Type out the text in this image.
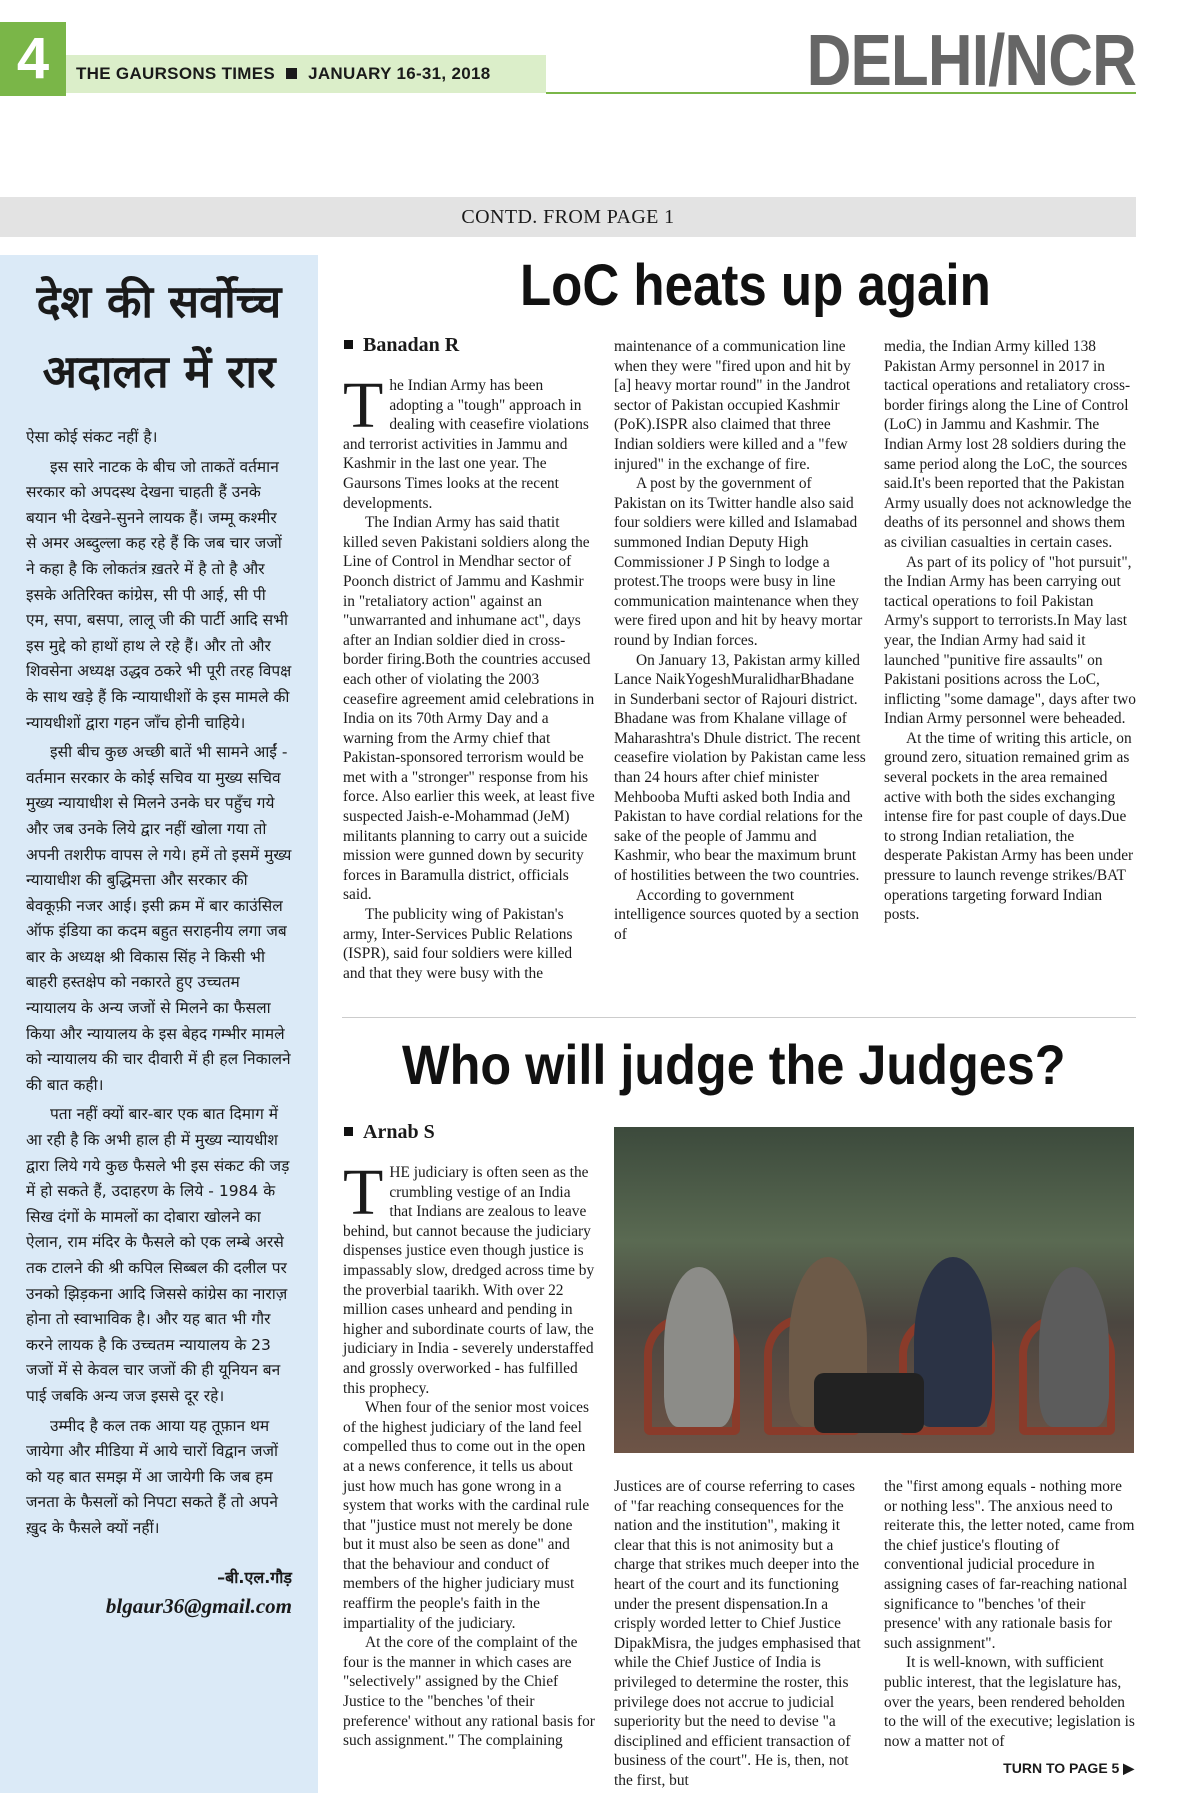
4	THE GAURSONS TIMES JANUARY 16-31, 2018	DELHI/NCR
CONTD. FROM PAGE 1
देश की सर्वोच्च
अदालत में रार

ऐसा कोई संकट नहीं है।

इस सारे नाटक के बीच जो ताकतें वर्तमान सरकार को अपदस्थ देखना चाहती हैं उनके बयान भी देखने-सुनने लायक हैं। जम्मू कश्मीर से अमर अब्दुल्ला कह रहे हैं कि जब चार जजों ने कहा है कि लोकतंत्र ख़तरे में है तो है और इसके अतिरिक्त कांग्रेस, सी पी आई, सी पी एम, सपा, बसपा, लालू जी की पार्टी आदि सभी इस मुद्दे को हाथों हाथ ले रहे हैं। और तो और शिवसेना अध्यक्ष उद्धव ठकरे भी पूरी तरह विपक्ष के साथ खड़े हैं कि न्यायाधीशों के इस मामले की न्यायधीशों द्वारा गहन जाँच होनी चाहिये।

इसी बीच कुछ अच्छी बातें भी सामने आईं - वर्तमान सरकार के कोई सचिव या मुख्य सचिव मुख्य न्यायाधीश से मिलने उनके घर पहुँच गये और जब उनके लिये द्वार नहीं खोला गया तो अपनी तशरीफ वापस ले गये। हमें तो इसमें मुख्य न्यायाधीश की बुद्धिमत्ता और सरकार की बेवकूफ़ी नजर आई। इसी क्रम में बार काउंसिल ऑफ इंडिया का कदम बहुत सराहनीय लगा जब बार के अध्यक्ष श्री विकास सिंह ने किसी भी बाहरी हस्तक्षेप को नकारते हुए उच्चतम न्यायालय के अन्य जजों से मिलने का फैसला किया और न्यायालय के इस बेहद गम्भीर मामले को न्यायालय की चार दीवारी में ही हल निकालने की बात कही।

पता नहीं क्यों बार-बार एक बात दिमाग में आ रही है कि अभी हाल ही में मुख्य न्यायधीश द्वारा लिये गये कुछ फैसले भी इस संकट की जड़ में हो सकते हैं, उदाहरण के लिये - 1984 के सिख दंगों के मामलों का दोबारा खोलने का ऐलान, राम मंदिर के फैसले को एक लम्बे अरसे तक टालने की श्री कपिल सिब्बल की दलील पर उनको झिड़कना आदि जिससे कांग्रेस का नाराज़ होना तो स्वाभाविक है। और यह बात भी गौर करने लायक है कि उच्चतम न्यायालय के 23 जजों में से केवल चार जजों की ही यूनियन बन पाई जबकि अन्य जज इससे दूर रहे।

उम्मीद है कल तक आया यह तूफ़ान थम जायेगा और मीडिया में आये चारों विद्वान जजों को यह बात समझ में आ जायेगी कि जब हम जनता के फैसलों को निपटा सकते हैं तो अपने ख़ुद के फैसले क्यों नहीं।

–बी.एल.गौड़
blgaur36@gmail.com
LoC heats up again
Banadan R

The Indian Army has been adopting a "tough" approach in dealing with ceasefire violations and terrorist activities in Jammu and Kashmir in the last one year. The Gaursons Times looks at the recent developments.

The Indian Army has said thatit killed seven Pakistani soldiers along the Line of Control in Mendhar sector of Poonch district of Jammu and Kashmir in "retaliatory action" against an "unwarranted and inhumane act", days after an Indian soldier died in cross-border firing.Both the countries accused each other of violating the 2003 ceasefire agreement amid celebrations in India on its 70th Army Day and a warning from the Army chief that Pakistan-sponsored terrorism would be met with a "stronger" response from his force. Also earlier this week, at least five suspected Jaish-e-Mohammad (JeM) militants planning to carry out a suicide mission were gunned down by security forces in Baramulla district, officials said.

The publicity wing of Pakistan's army, Inter-Services Public Relations (ISPR), said four soldiers were killed and that they were busy with the

maintenance of a communication line when they were "fired upon and hit by [a] heavy mortar round" in the Jandrot sector of Pakistan occupied Kashmir (PoK).ISPR also claimed that three Indian soldiers were killed and a "few injured" in the exchange of fire.

A post by the government of Pakistan on its Twitter handle also said four soldiers were killed and Islamabad summoned Indian Deputy High Commissioner J P Singh to lodge a protest.The troops were busy in line communication maintenance when they were fired upon and hit by heavy mortar round by Indian forces.

On January 13, Pakistan army killed Lance NaikYogeshMuralidharBhadane in Sunderbani sector of Rajouri district. Bhadane was from Khalane village of Maharashtra's Dhule district. The recent ceasefire violation by Pakistan came less than 24 hours after chief minister Mehbooba Mufti asked both India and Pakistan to have cordial relations for the sake of the people of Jammu and Kashmir, who bear the maximum brunt of hostilities between the two countries.

According to government intelligence sources quoted by a section of

media, the Indian Army killed 138 Pakistan Army personnel in 2017 in tactical operations and retaliatory cross-border firings along the Line of Control (LoC) in Jammu and Kashmir. The Indian Army lost 28 soldiers during the same period along the LoC, the sources said.It's been reported that the Pakistan Army usually does not acknowledge the deaths of its personnel and shows them as civilian casualties in certain cases.

As part of its policy of "hot pursuit", the Indian Army has been carrying out tactical operations to foil Pakistan Army's support to terrorists.In May last year, the Indian Army had said it launched "punitive fire assaults" on Pakistani positions across the LoC, inflicting "some damage", days after two Indian Army personnel were beheaded.

At the time of writing this article, on ground zero, situation remained grim as several pockets in the area remained active with both the sides exchanging intense fire for past couple of days.Due to strong Indian retaliation, the desperate Pakistan Army has been under pressure to launch revenge strikes/BAT operations targeting forward Indian posts.

Who will judge the Judges?
Arnab S

THE judiciary is often seen as the crumbling vestige of an India that Indians are zealous to leave behind, but cannot because the judiciary dispenses justice even though justice is impassably slow, dredged across time by the proverbial taarikh. With over 22 million cases unheard and pending in higher and subordinate courts of law, the judiciary in India - severely understaffed and grossly overworked - has fulfilled this prophecy.

When four of the senior most voices of the highest judiciary of the land feel compelled thus to come out in the open at a news conference, it tells us about just how much has gone wrong in a system that works with the cardinal rule that "justice must not merely be done but it must also be seen as done" and that the behaviour and conduct of members of the higher judiciary must reaffirm the people's faith in the impartiality of the judiciary.

At the core of the complaint of the four is the manner in which cases are "selectively" assigned by the Chief Justice to the "benches 'of their preference' without any rational basis for such assignment." The complaining

Justices are of course referring to cases of "far reaching consequences for the nation and the institution", making it clear that this is not animosity but a charge that strikes much deeper into the heart of the court and its functioning under the present dispensation.In a crisply worded letter to Chief Justice DipakMisra, the judges emphasised that while the Chief Justice of India is privileged to determine the roster, this privilege does not accrue to judicial superiority but the need to devise "a disciplined and efficient transaction of business of the court". He is, then, not the first, but

the "first among equals - nothing more or nothing less". The anxious need to reiterate this, the letter noted, came from the chief justice's flouting of conventional judicial procedure in assigning cases of far-reaching national significance to "benches 'of their presence' with any rationale basis for such assignment".

It is well-known, with sufficient public interest, that the legislature has, over the years, been rendered beholden to the will of the executive; legislation is now a matter not of

TURN TO PAGE 5 ▶
